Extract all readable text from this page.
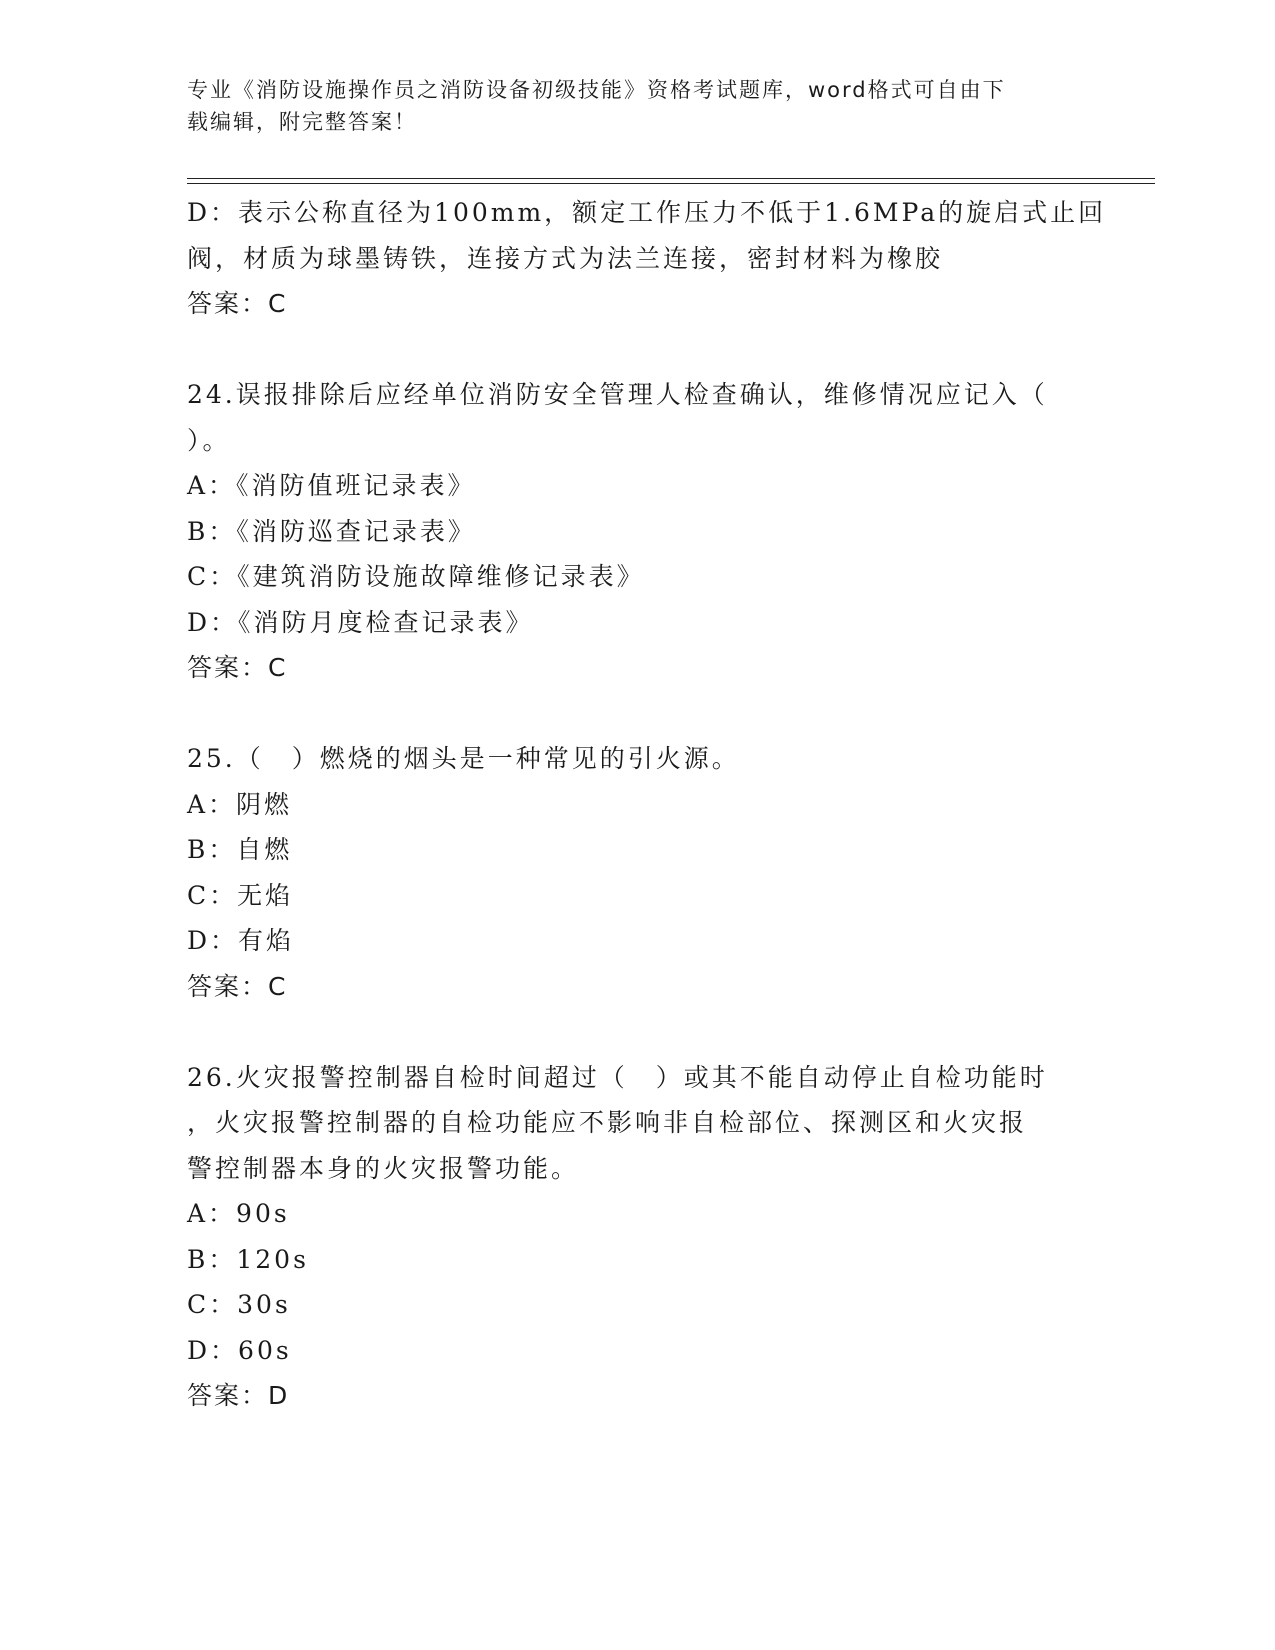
专业《消防设施操作员之消防设备初级技能》资格考试题库，word格式可自由下
载编辑，附完整答案！
D：表示公称直径为100mm，额定工作压力不低于1.6MPa的旋启式止回
阀，材质为球墨铸铁，连接方式为法兰连接，密封材料为橡胶
答案：C
24.误报排除后应经单位消防安全管理人检查确认，维修情况应记入（
）。
A：《消防值班记录表》
B：《消防巡查记录表》
C：《建筑消防设施故障维修记录表》
D：《消防月度检查记录表》
答案：C
25.（　）燃烧的烟头是一种常见的引火源。
A：阴燃
B：自燃
C：无焰
D：有焰
答案：C
26.火灾报警控制器自检时间超过（　）或其不能自动停止自检功能时
，火灾报警控制器的自检功能应不影响非自检部位、探测区和火灾报
警控制器本身的火灾报警功能。
A：90s
B：120s
C：30s
D：60s
答案：D
